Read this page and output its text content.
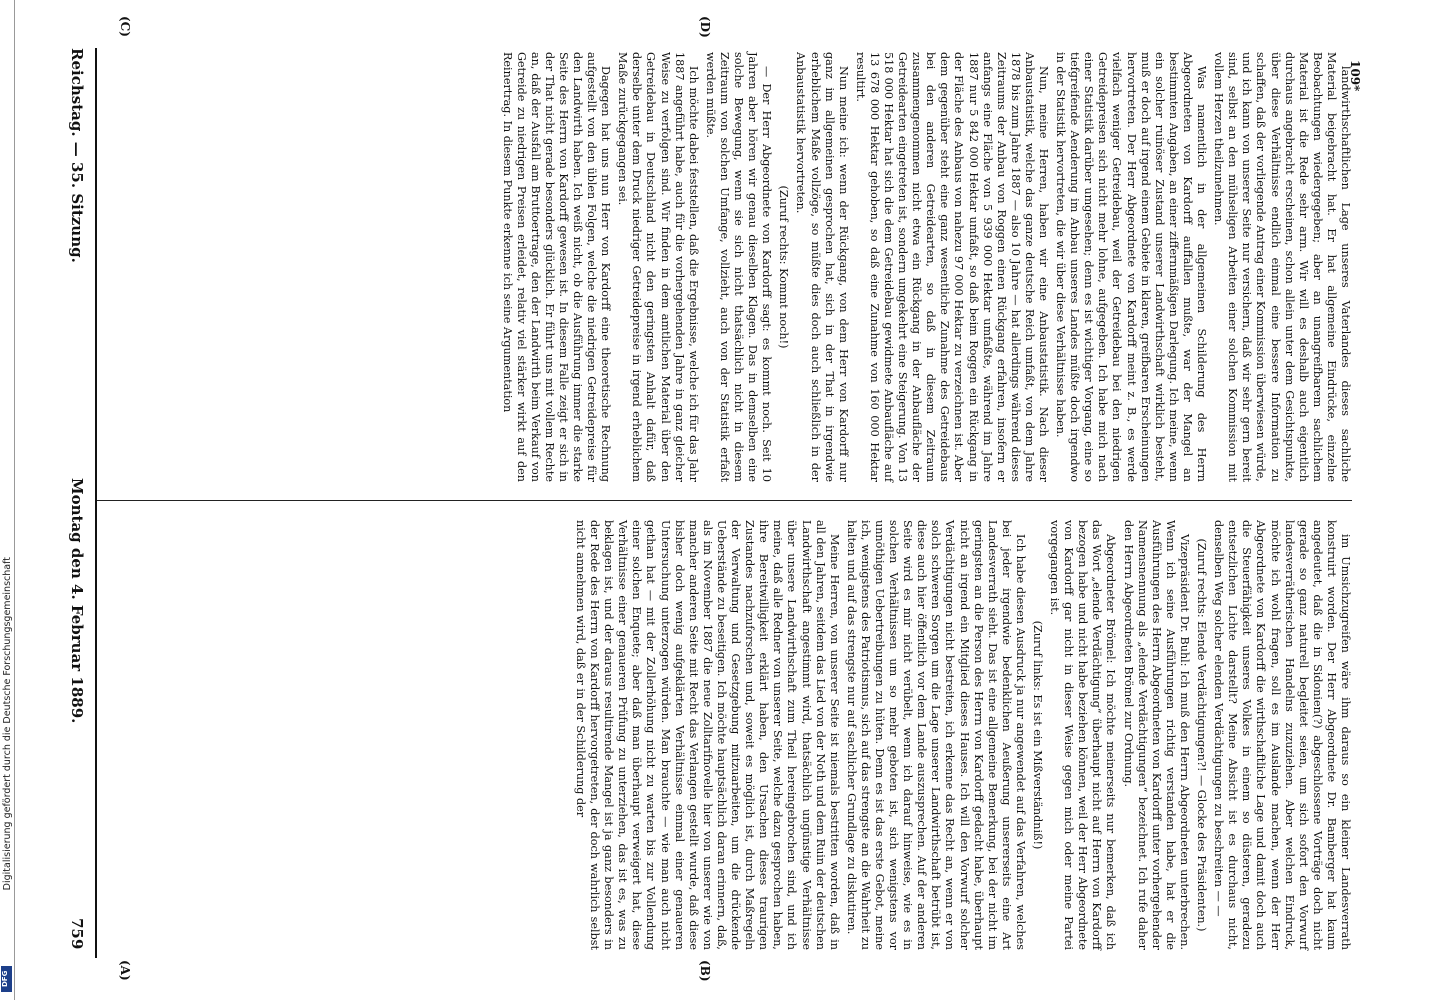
Digitalisierung gefördert durch die Deutsche Forschungsgemeinschaft
DFG
Reichstag. — 35. Sitzung.
Montag den 4. Februar 1889.
759
109*
(A)	(B)
(C)	(D)

im Umsichzugreifen wäre ihm daraus so ein kleiner Landesverrath konstruirt worden. Der Herr Abgeordnete Dr. Bamberger hat kaum angedeutet, daß die in Sidonien(?) abgeschlossene Vorträge doch nicht gerade so ganz naturell begleitet seien, um sich sofort den Vorwurf landesverrätherischen Handelns zuzuziehen. Aber welchen Eindruck, möchte ich wohl fragen, soll es im Auslande machen, wenn der Herr Abgeordnete von Kardorff die wirthschaftliche Lage und damit doch auch die Steuerfähigkeit unseres Volkes in einem so düsteren, geradezu entsetzlichen Lichte darstellt? Meine Absicht ist es durchaus nicht, denselben Weg solcher elenden Verdächtigungen zu beschreiten — —

(Zuruf rechts: Elende Verdächtigungen?! — Glocke des Präsidenten.)

Vizepräsident Dr. Buhl: Ich muß den Herrn Abgeordneten unterbrechen. Wenn ich seine Ausführungen richtig verstanden habe, hat er die Ausführungen des Herrn Abgeordneten von Kardorff unter vorhergehender Namensnennung als „elende Verdächtigungen“ bezeichnet. Ich rufe daher den Herrn Abgeordneten Brömel zur Ordnung.

Abgeordneter Brömel: Ich möchte meinerseits nur bemerken, daß ich das Wort „elende Verdächtigung“ überhaupt nicht auf Herrn von Kardorff bezogen habe und nicht habe beziehen können, weil der Herr Abgeordnete von Kardorff gar nicht in dieser Weise gegen mich oder meine Partei vorgegangen ist.

(Zuruf links: Es ist ein Mißverständniß!)

Ich habe diesen Ausdruck ja nur angewendet auf das Verfahren, welches bei jeder irgendwie bedenklichen Aeußerung unsererseits eine Art Landesverrath sieht. Das ist eine allgemeine Bemerkung, bei der nicht im geringsten an die Person des Herrn von Kardorff gedacht habe, überhaupt nicht an irgend ein Mitglied dieses Hauses. Ich will den Vorwurf solcher Verdächtigungen nicht bestreiten, ich erkenne das Recht an, wenn er von solch schweren Sorgen um die Lage unserer Landwirthschaft betrübt ist, diese auch hier öffentlich vor dem Lande auszusprechen. Auf der anderen Seite wird es mir nicht verübelt, wenn ich darauf hinweise, wie es in solchen Verhältnissen um so mehr geboten ist, sich wenigstens vor unnöthigen Uebertreibungen zu hüten. Denn es ist das erste Gebot, meine ich, wenigstens des Patriotismus, sich auf das strengste an die Wahrheit zu halten und auf das strengste nur auf sachlicher Grundlage zu diskutiren.

Meine Herren, von unserer Seite ist niemals bestritten worden, daß in all den Jahren, seitdem das Lied von der Noth und dem Ruin der deutschen Landwirthschaft angestimmt wird, thatsächlich ungünstige Verhältnisse über unsere Landwirthschaft zum Theil hereingebrochen sind, und ich meine, daß alle Redner von unserer Seite, welche dazu gesprochen haben, ihre Bereitwilligkeit erklärt haben, den Ursachen dieses traurigen Zustandes nachzuforschen und, soweit es möglich ist, durch Maßregeln der Verwaltung und Gesetzgebung mitzuarbeiten, um die drückende Ueberstände zu beseitigen. Ich möchte hauptsächlich daran erinnern, daß, als im November 1887 die neue Zolltarifnovelle hier von unserer wie von mancher anderen Seite mit Recht das Verlangen gestellt wurde, daß diese bisher doch wenig aufgeklärten Verhältnisse einmal einer genaueren Untersuchung unterzogen würden. Man brauchte — wie man auch nicht gethan hat — mit der Zollerhöhung nicht zu warten bis zur Vollendung einer solchen Enquete; aber daß man überhaupt verweigert hat, diese Verhältnisse einer genaueren Prüfung zu unterziehen, das ist es, was zu beklagen ist, und der daraus resultirende Mangel ist ja ganz besonders in der Rede des Herrn von Kardorff hervorgetreten, der doch wahrlich selbst nicht annehmen wird, daß er in der Schilderung der

landwirthschaftlichen Lage unseres Vaterlandes dieses sachliche Material beigebracht hat. Er hat allgemeine Eindrücke, einzelne Beobachtungen wiedergegeben; aber an unangreifbarem sachlichem Material ist die Rede sehr arm. Wir will es deshalb auch eigentlich durchaus angebracht erscheinen, schon allein unter dem Gesichtspunkte, über diese Verhältnisse endlich einmal eine bessere Information zu schaffen, daß der vorliegende Antrag einer Kommission überwiesen würde, und ich kann von unserer Seite nur versichern, daß wir sehr gern bereit sind, selbst an den mühseligen Arbeiten einer solchen Kommission mit vollem Herzen theilzunehmen.

Was namentlich in der allgemeinen Schilderung des Herrn Abgeordneten von Kardorff auffallen mußte, war der Mangel an bestimmten Angaben, an einer ziffernmäßigen Darlegung. Ich meine, wenn ein solcher ruinöser Zustand unserer Landwirthschaft wirklich besteht, muß er doch auf irgend einem Gebiete in klaren, greifbaren Erscheinungen hervortreten. Der Herr Abgeordnete von Kardorff meint z. B., es werde vielfach weniger Getreidebau, weil der Getreidebau bei den niedrigen Getreidepreisen sich nicht mehr lohne, aufgegeben. Ich habe mich nach einer Statistik darüber umgesehen; denn es ist wichtiger Vorgang, eine so tiefgreifende Aenderung im Anbau unseres Landes müßte doch irgendwo in der Statistik hervortreten, die wir über diese Verhältnisse haben.

Nun, meine Herren, haben wir eine Anbaustatistik. Nach dieser Anbaustatistik, welche das ganze deutsche Reich umfaßt, von dem Jahre 1878 bis zum Jahre 1887 — also 10 Jahre — hat allerdings während dieses Zeitraums der Anbau von Roggen einen Rückgang erfahren, insofern er anfangs eine Fläche von 5 939 000 Hektar umfaßte, während im Jahre 1887 nur 5 842 000 Hektar umfaßt, so daß beim Roggen ein Rückgang in der Fläche des Anbaus von nahezu 97 000 Hektar zu verzeichnen ist. Aber dem gegenüber steht eine ganz wesentliche Zunahme des Getreidebaus bei den anderen Getreidearten, so daß in diesem Zeitraum zusammengenommen nicht etwa ein Rückgang in der Anbaufläche der Getreidearten eingetreten ist, sondern umgekehrt eine Steigerung. Von 13 518 000 Hektar hat sich die dem Getreidebau gewidmete Anbaufläche auf 13 678 000 Hektar gehoben, so daß eine Zunahme von 160 000 Hektar resultirt.

Nun meine ich: wenn der Rückgang, von dem Herr von Kardorff nur ganz im allgemeinen gesprochen hat, sich in der That in irgendwie erheblichem Maße vollzöge, so müßte dies doch auch schließlich in der Anbaustatistik hervortreten.

(Zuruf rechts: Kommt noch!)

— Der Herr Abgeordnete von Kardorff sagt: es kommt noch. Seit 10 Jahren aber hören wir genau dieselben Klagen. Das in demselben eine solche Bewegung, wenn sie sich nicht thatsächlich nicht in diesem Zeitraum von solchen Umfange, vollzieht, auch von der Statistik erfaßt werden müßte.

Ich möchte dabei feststellen, daß die Ergebnisse, welche ich für das Jahr 1887 angeführt habe, auch für die vorhergehenden Jahre in ganz gleicher Weise zu verfolgen sind. Wir finden in dem amtlichen Material über den Getreidebau in Deutschland nicht den geringsten Anhalt dafür, daß derselbe unter dem Druck niedriger Getreidepreise in irgend erheblichem Maße zurückgegangen sei.

Dagegen hat uns nun Herr von Kardorff eine theoretische Rechnung aufgestellt von den üblen Folgen, welche die niedrigen Getreidepreise für den Landwirth haben. Ich weiß nicht, ob die Ausführung immer die starke Seite des Herrn von Kardorff gewesen ist. In diesem Falle zeigt er sich in der That nicht gerade besonders glücklich. Er führt uns mit vollem Rechte an, daß der Ausfall am Bruttoertrage, den der Landwirth beim Verkauf von Getreide zu niedrigen Preisen erleidet, relativ viel stärker wirkt auf den Reinertrag. In diesem Punkte erkenne ich seine Argumentation
